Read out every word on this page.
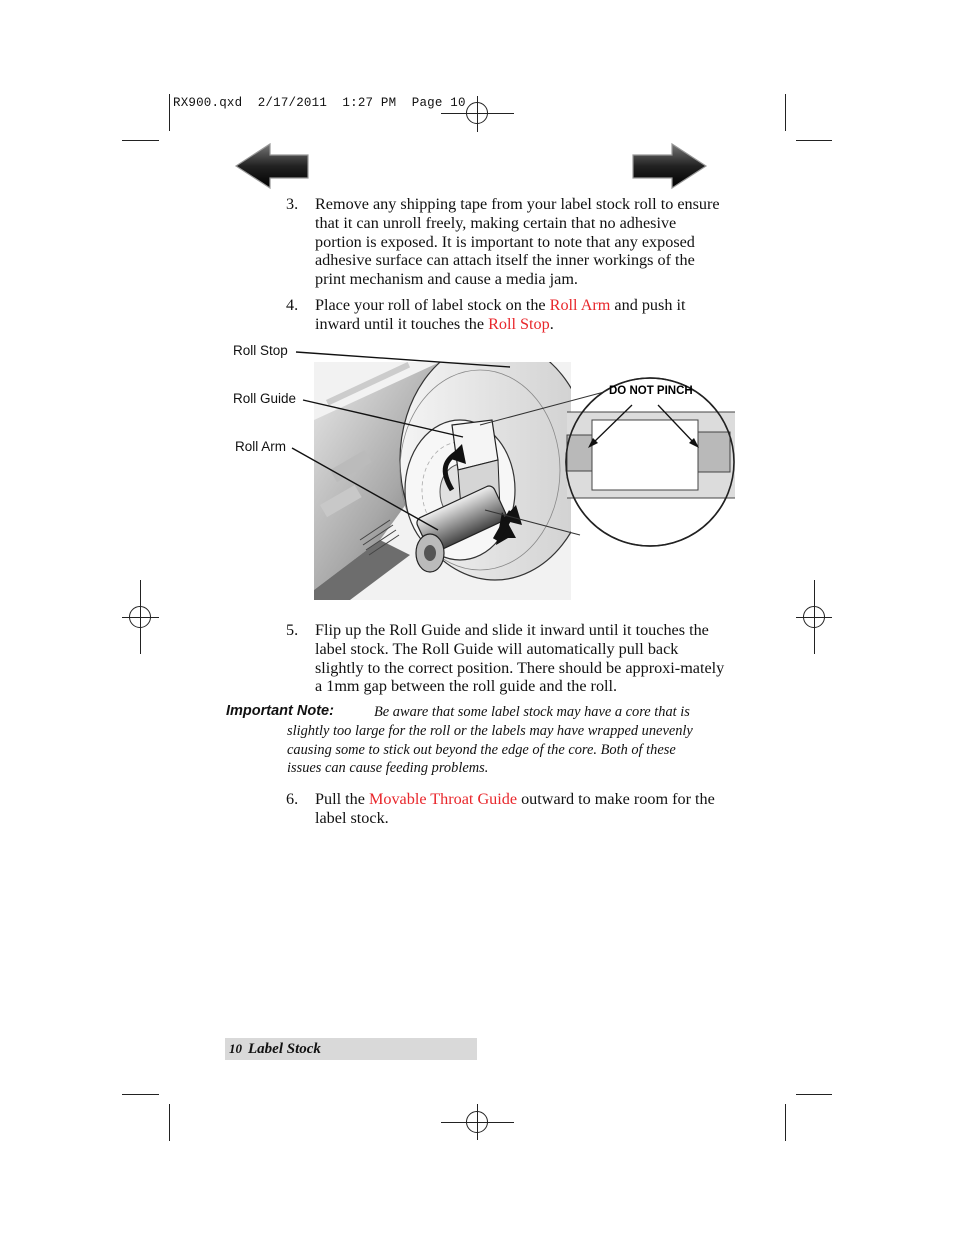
RX900.qxd  2/17/2011  1:27 PM  Page 10
3.	Remove any shipping tape from your label stock roll to ensure that it can unroll freely, making certain that no adhesive portion is exposed. It is important to note that any exposed adhesive surface can attach itself the inner workings of the print mechanism and cause a media jam.
4.	Place your roll of label stock on the Roll Arm and push it inward until it touches the Roll Stop.
Roll Stop
Roll Guide
Roll Arm
DO NOT PINCH
5.	Flip up the Roll Guide and slide it inward until it touches the label stock. The Roll Guide will automatically pull back slightly to the correct position. There should be approxi-mately a 1mm gap between the roll guide and the roll.
Important Note:	Be aware that some label stock may have a core that is slightly too large for the roll or the labels may have wrapped unevenly causing some to stick out beyond the edge of the core. Both of these issues can cause feeding problems.
6.	Pull the Movable Throat Guide outward to make room for the label stock.
10 Label Stock
